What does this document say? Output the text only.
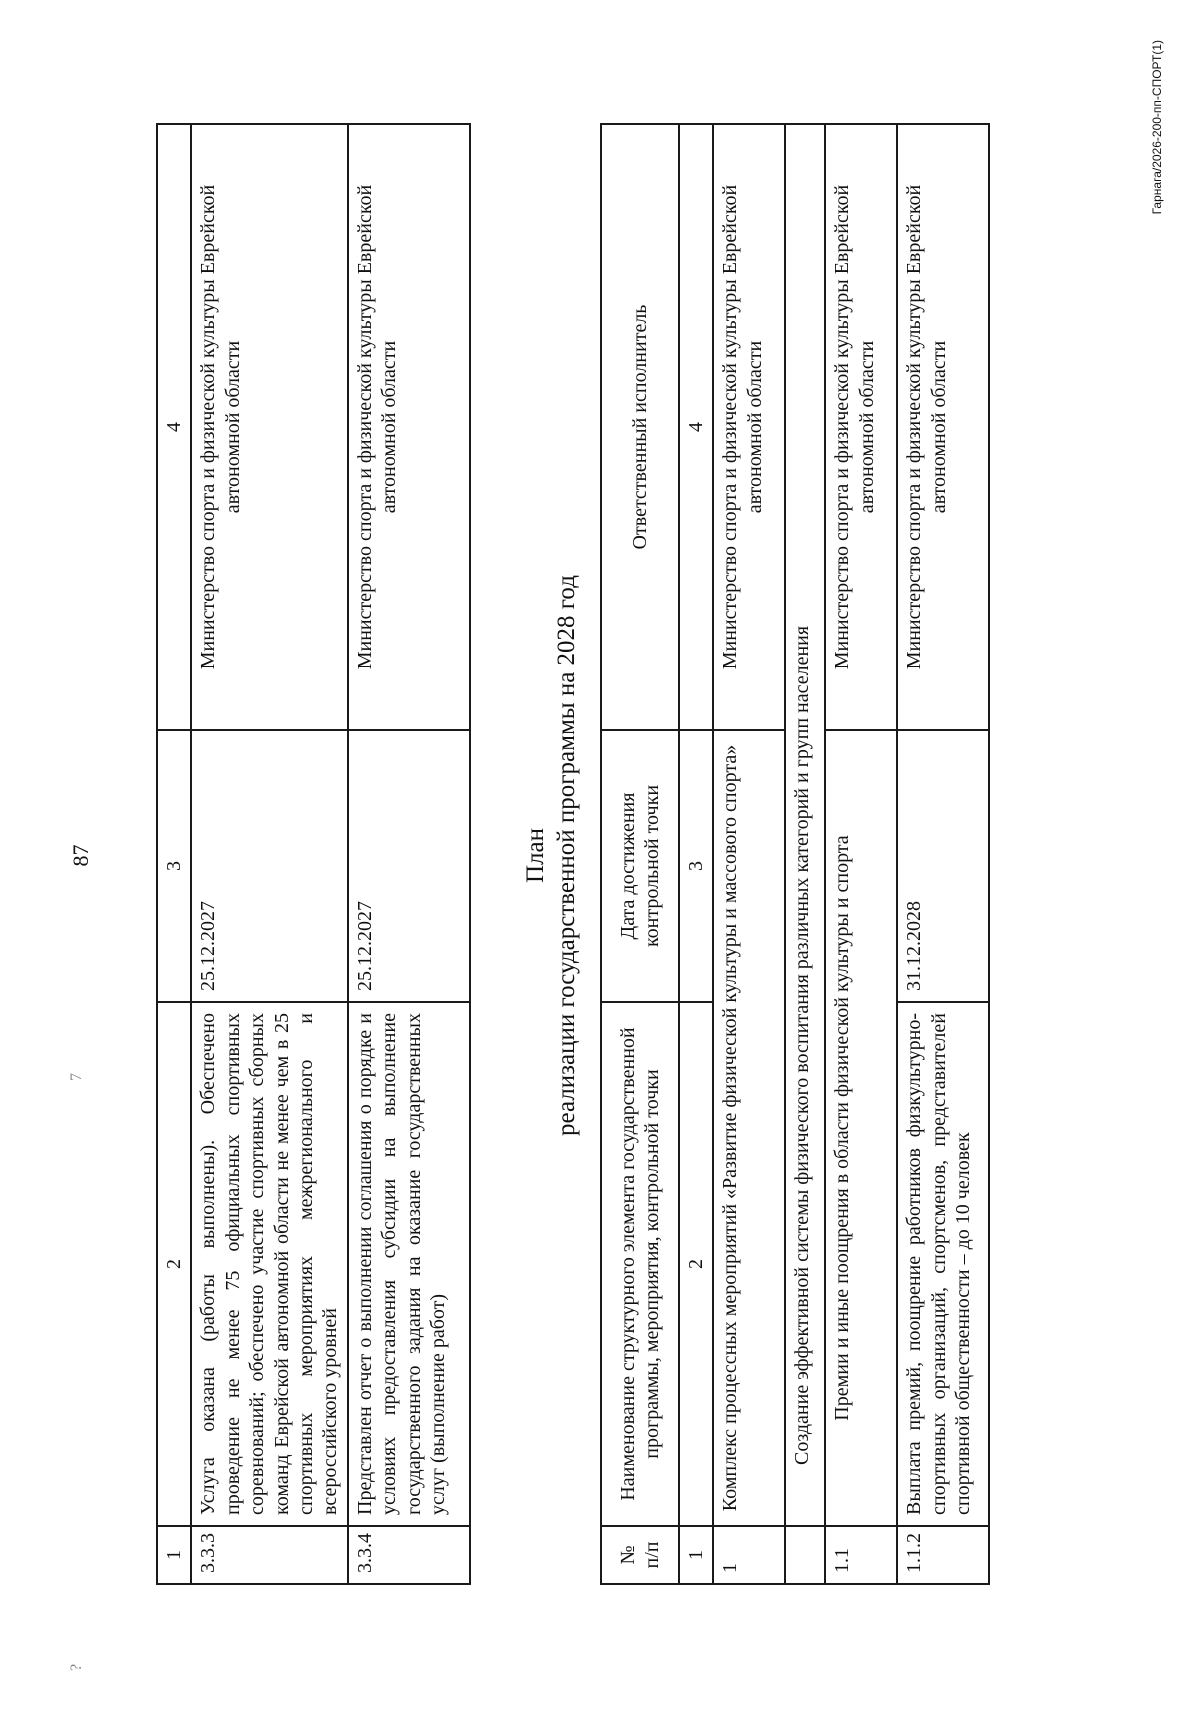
?
7
87
1	2	3	4
3.3.3	Услуга оказана (работы выполнены). Обеспечено проведение не менее 75 официальных спортивных соревнований; обеспечено участие спортивных сборных команд Еврейской автономной области не менее чем в 25 спортивных мероприятиях межрегионального и всероссийского уровней	25.12.2027	Министерство спорта и физической культуры Еврейской автономной области
3.3.4	Представлен отчет о выполнении соглашения о порядке и условиях предоставления субсидии на выполнение государственного задания на оказание государственных услуг (выполнение работ)	25.12.2027	Министерство спорта и физической культуры Еврейской автономной области
План реализации государственной программы на 2028 год
№ п/п	Наименование структурного элемента государственной программы, мероприятия, контрольной точки	Дата достижения контрольной точки	Ответственный исполнитель
1	2	3	4
1	Комплекс процессных мероприятий «Развитие физической культуры и массового спорта»		Министерство спорта и физической культуры Еврейской автономной области
	Создание эффективной системы физического воспитания различных категорий и групп населения		
1.1	Премии и иные поощрения в области физической культуры и спорта		Министерство спорта и физической культуры Еврейской автономной области
1.1.2	Выплата премий, поощрение работников физкультурно-спортивных организаций, спортсменов, представителей спортивной общественности – до 10 человек	31.12.2028	Министерство спорта и физической культуры Еврейской автономной области
Гарнага/2026-200-пп-СПОРТ(1)
